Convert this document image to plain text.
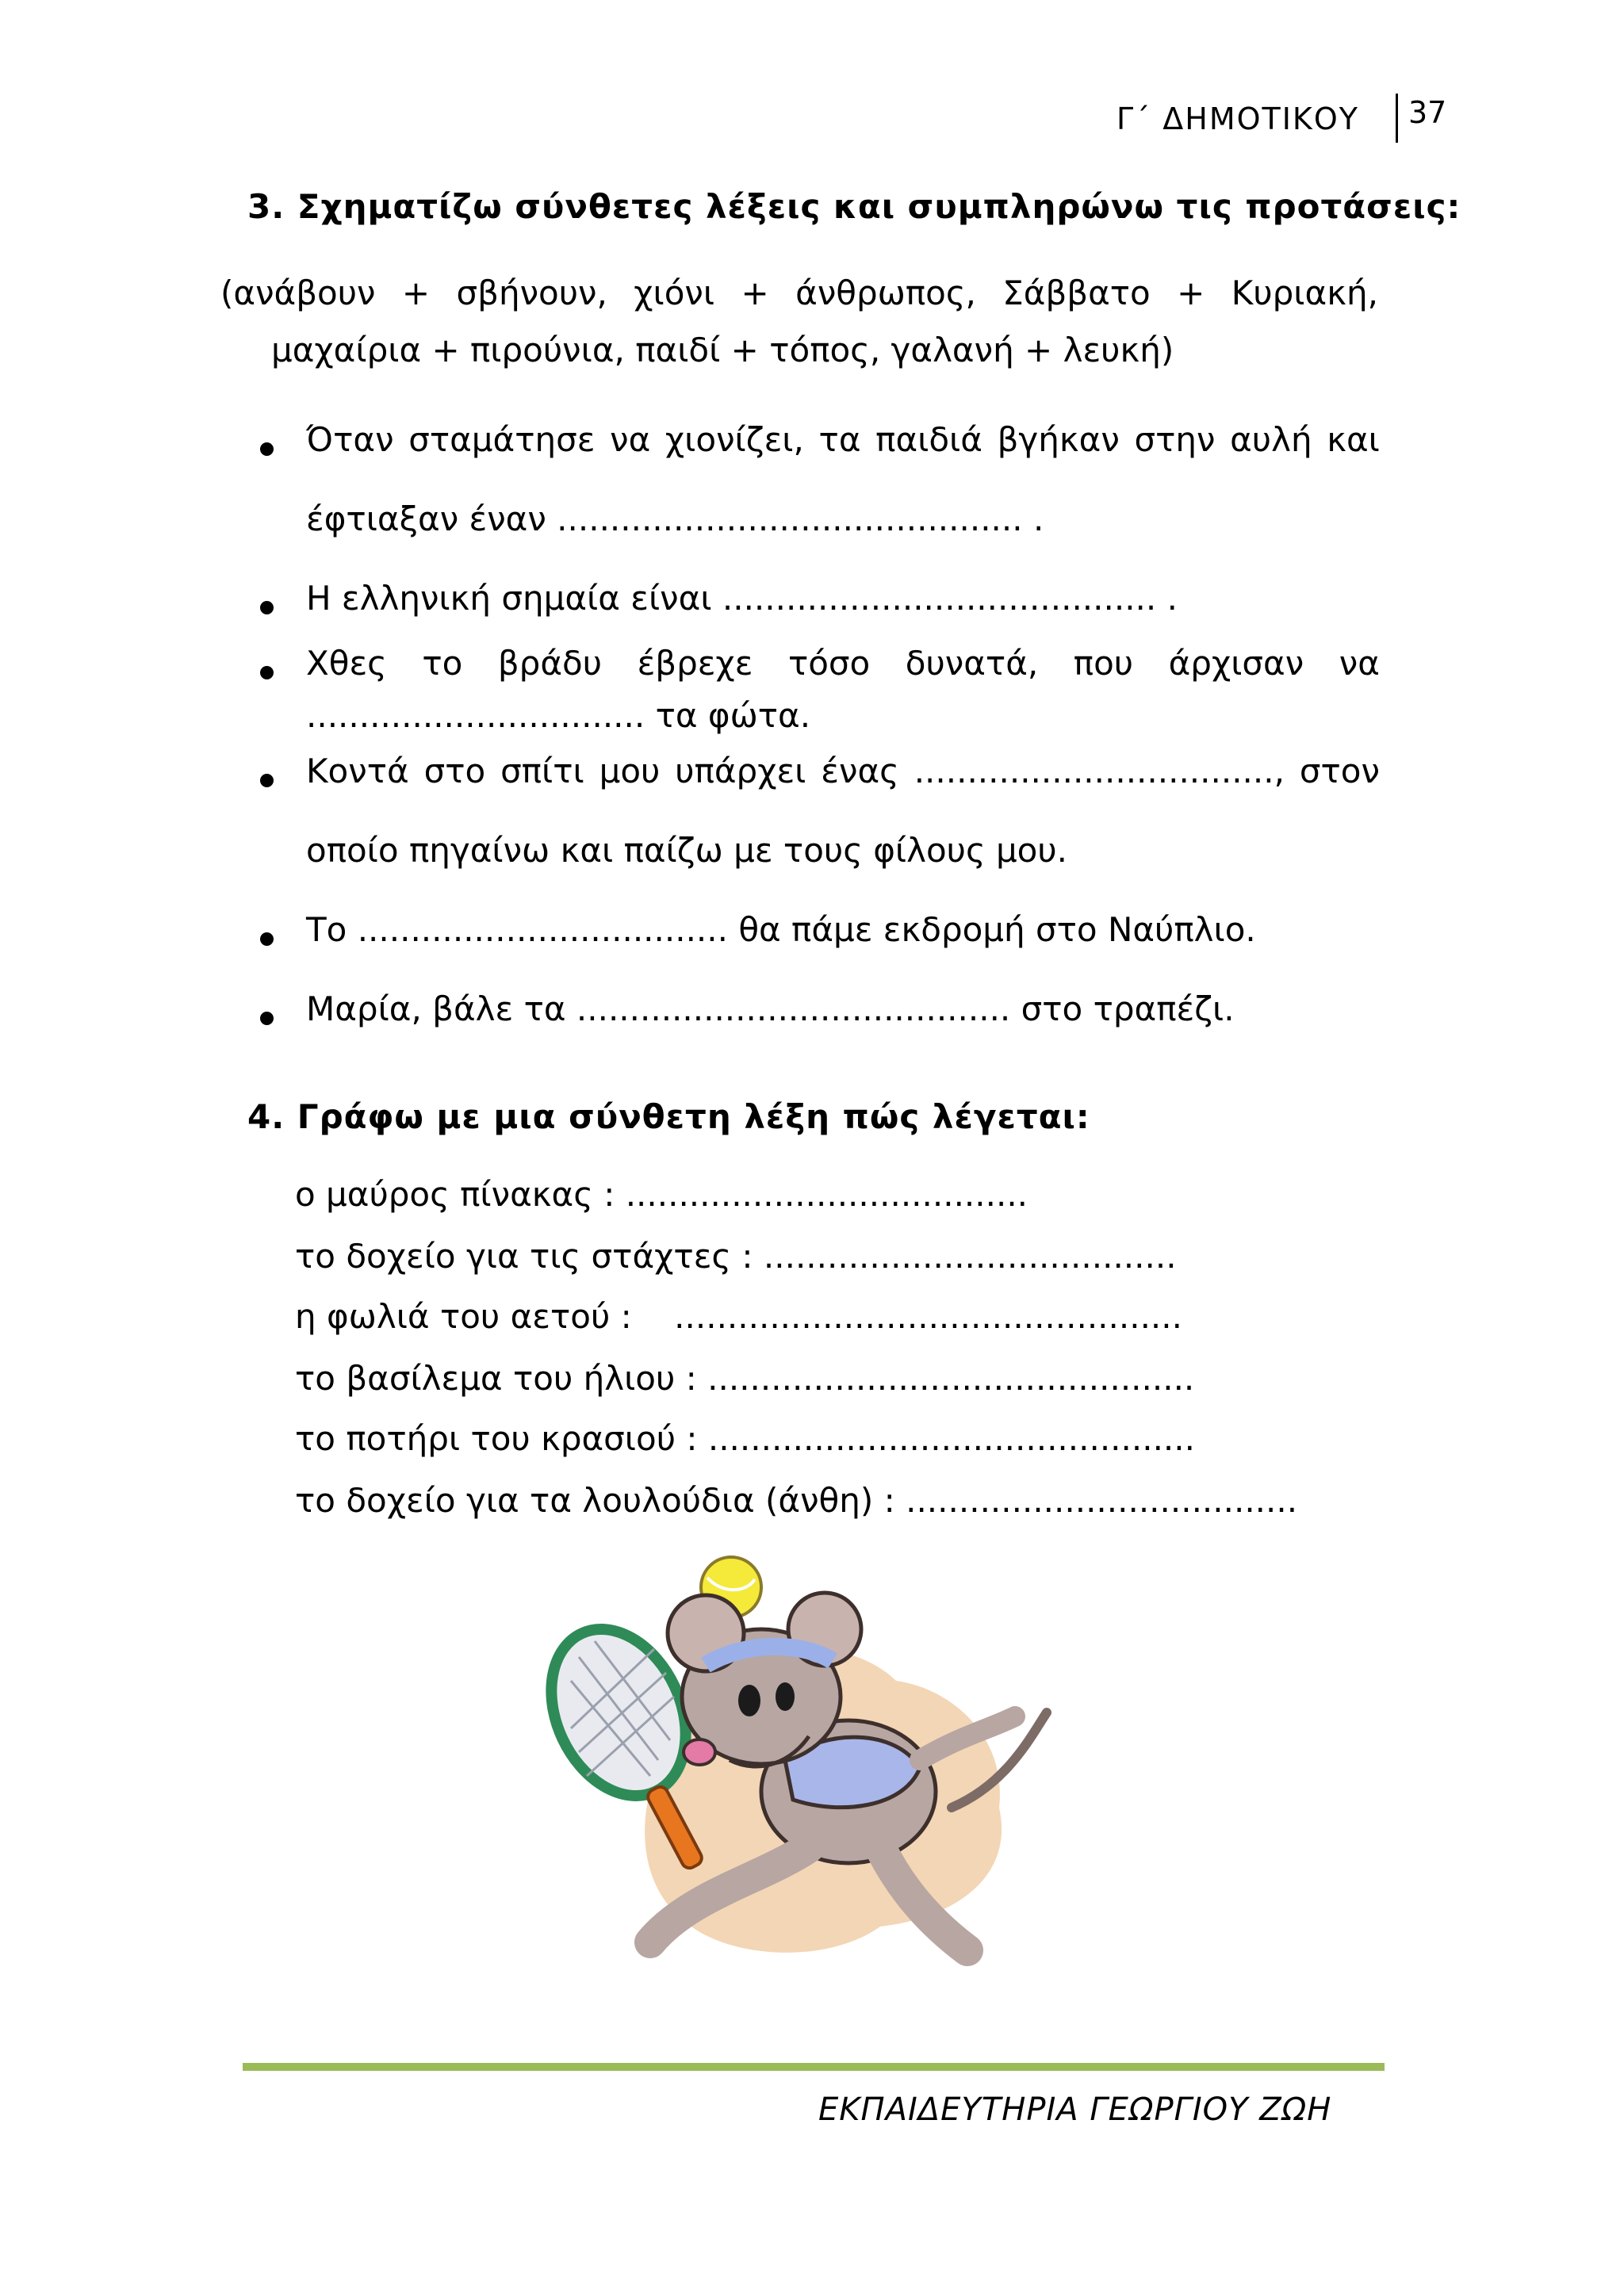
Γ΄ ΔΗΜΟΤΙΚΟΥ 37
3. Σχηματίζω σύνθετες λέξεις και συμπληρώνω τις προτάσεις:
(ανάβουν + σβήνουν, χιόνι + άνθρωπος, Σάββατο + Κυριακή,
μαχαίρια + πιρούνια, παιδί + τόπος, γαλανή + λευκή)
Όταν σταμάτησε να χιονίζει, τα παιδιά βγήκαν στην αυλή και
έφτιαξαν έναν ............................................ .
Η ελληνική σημαία είναι ......................................... .
Χθες το βράδυ έβρεχε τόσο δυνατά, που άρχισαν να
................................ τα φώτα.
Κοντά στο σπίτι μου υπάρχει ένας .................................., στον
οποίο πηγαίνω και παίζω με τους φίλους μου.
Το ................................... θα πάμε εκδρομή στο Ναύπλιο.
Μαρία, βάλε τα ......................................... στο τραπέζι.
4. Γράφω με μια σύνθετη λέξη πώς λέγεται:
ο μαύρος πίνακας : ......................................
το δοχείο για τις στάχτες : .......................................
η φωλιά του αετού :    ................................................
το βασίλεμα του ήλιου : ..............................................
το ποτήρι του κρασιού : ..............................................
το δοχείο για τα λουλούδια (άνθη) : .....................................
ΕΚΠΑΙΔΕΥΤΗΡΙΑ ΓΕΩΡΓΙΟΥ ΖΩΗ
